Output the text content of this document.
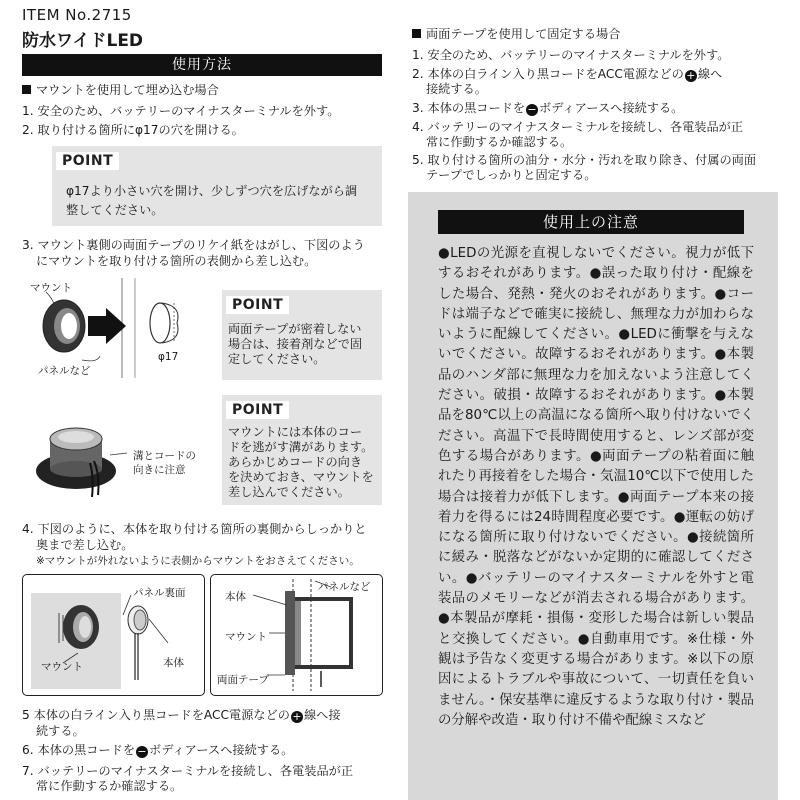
ITEM No.2715
防水ワイドLED
使用方法
マウントを使用して埋め込む場合
1. 安全のため、バッテリーのマイナスターミナルを外す。
2. 取り付ける箇所にφ17の穴を開ける。
POINT
φ17より小さい穴を開け、少しずつ穴を広げながら調
整してください。
3. マウント裏側の両面テープのリケイ紙をはがし、下図のよう
にマウントを取り付ける箇所の表側から差し込む。
マウント
パネルなど
φ17
POINT
両面テープが密着しない
場合は、接着剤などで固
定してください。
溝とコードの
向きに注意
POINT
マウントには本体のコー
ドを逃がす溝があります。
あらかじめコードの向き
を決めておき、マウントを
差し込んでください。
4. 下図のように、本体を取り付ける箇所の裏側からしっかりと
奥まで差し込む。
※マウントが外れないように表側からマウントをおさえてください。
パネル裏面
マウント	本体
パネルなど
本体
マウント
両面テープ
5 本体の白ライン入り黒コードをACC電源などの + 線へ接
続する。
6. 本体の黒コードを − ボディアースへ接続する。
7. バッテリーのマイナスターミナルを接続し、各電装品が正
常に作動するか確認する。
両面テープを使用して固定する場合
1. 安全のため、バッテリーのマイナスターミナルを外す。
2. 本体の白ライン入り黒コードをACC電源などの + 線へ
接続する。
3. 本体の黒コードを − ボディアースへ接続する。
4. バッテリーのマイナスターミナルを接続し、各電装品が正
常に作動するか確認する。
5. 取り付ける箇所の油分・水分・汚れを取り除き、付属の両面
テープでしっかりと固定する。
使用上の注意
●LEDの光源を直視しないでください。視力が低下するおそれがあります。●誤った取り付け・配線をした場合、発熱・発火のおそれがあります。●コードは端子などで確実に接続し、無理な力が加わらないように配線してください。●LEDに衝撃を与えないでください。故障するおそれがあります。●本製品のハンダ部に無理な力を加えないよう注意してください。破損・故障するおそれがあります。●本製品を80℃以上の高温になる箇所へ取り付けないでください。高温下で長時間使用すると、レンズ部が変色する場合があります。●両面テープの粘着面に触れたり再接着をした場合・気温10℃以下で使用した場合は接着力が低下します。●両面テープ本来の接着力を得るには24時間程度必要です。●運転の妨げになる箇所に取り付けないでください。●接続箇所に緩み・脱落などがないか定期的に確認してください。●バッテリーのマイナスターミナルを外すと電装品のメモリーなどが消去される場合があります。●本製品が摩耗・損傷・変形した場合は新しい製品と交換してください。●自動車用です。※仕様・外観は予告なく変更する場合があります。※以下の原因によるトラブルや事故について、一切責任を負いません。・保安基準に違反するような取り付け・製品の分解や改造・取り付け不備や配線ミスなど
